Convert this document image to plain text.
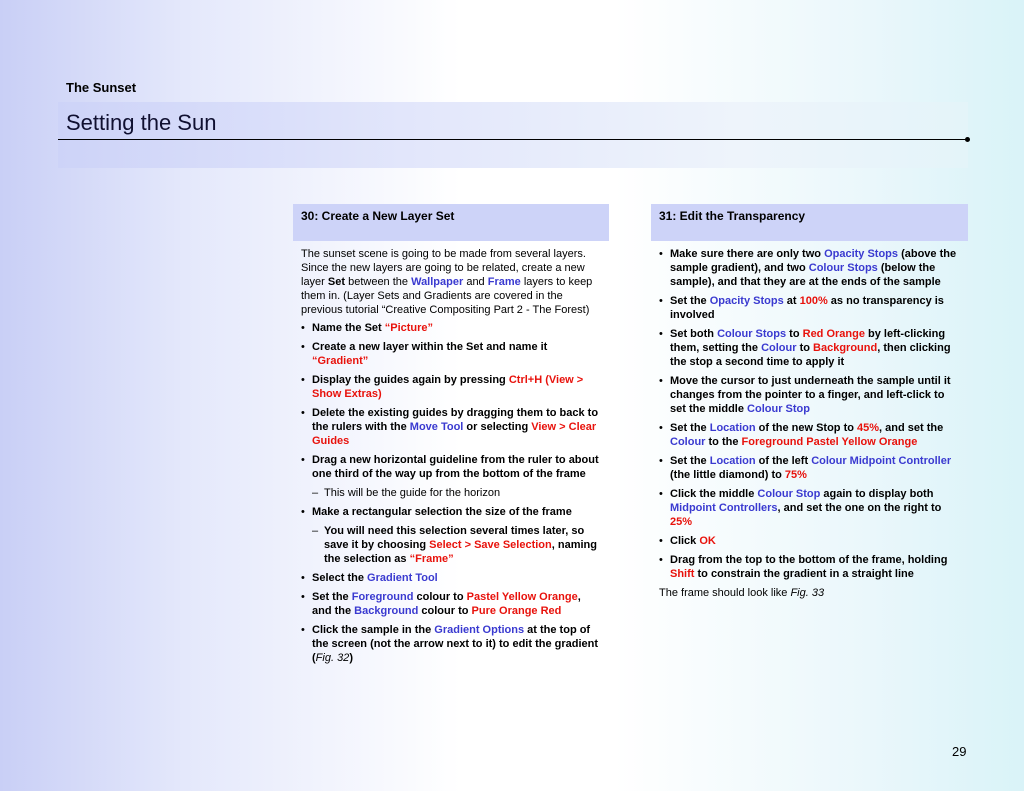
The Sunset
Setting the Sun
30: Create a New Layer Set

The sunset scene is going to be made from several layers. Since the new layers are going to be related, create a new layer Set between the Wallpaper and Frame layers to keep them in. (Layer Sets and Gradients are covered in the previous tutorial “Creative Compositing Part 2 - The Forest)

• Name the Set “Picture”
• Create a new layer within the Set and name it “Gradient”
• Display the guides again by pressing Ctrl+H (View > Show Extras)
• Delete the existing guides by dragging them to back to the rulers with the Move Tool or selecting View > Clear Guides
• Drag a new horizontal guideline from the ruler to about one third of the way up from the bottom of the frame
– This will be the guide for the horizon
• Make a rectangular selection the size of the frame
– You will need this selection several times later, so save it by choosing Select > Save Selection, naming the selection as “Frame”
• Select the Gradient Tool
• Set the Foreground colour to Pastel Yellow Orange, and the Background colour to Pure Orange Red
• Click the sample in the Gradient Options at the top of the screen (not the arrow next to it) to edit the gradient (Fig. 32)
31: Edit the Transparency
• Make sure there are only two Opacity Stops (above the sample gradient), and two Colour Stops (below the sample), and that they are at the ends of the sample
• Set the Opacity Stops at 100% as no transparency is involved
• Set both Colour Stops to Red Orange by left-clicking them, setting the Colour to Background, then clicking the stop a second time to apply it
• Move the cursor to just underneath the sample until it changes from the pointer to a finger, and left-click to set the middle Colour Stop
• Set the Location of the new Stop to 45%, and set the Colour to the Foreground Pastel Yellow Orange
• Set the Location of the left Colour Midpoint Controller (the little diamond) to 75%
• Click the middle Colour Stop again to display both Midpoint Controllers, and set the one on the right to 25%
• Click OK
• Drag from the top to the bottom of the frame, holding Shift to constrain the gradient in a straight line

The frame should look like Fig. 33

29
